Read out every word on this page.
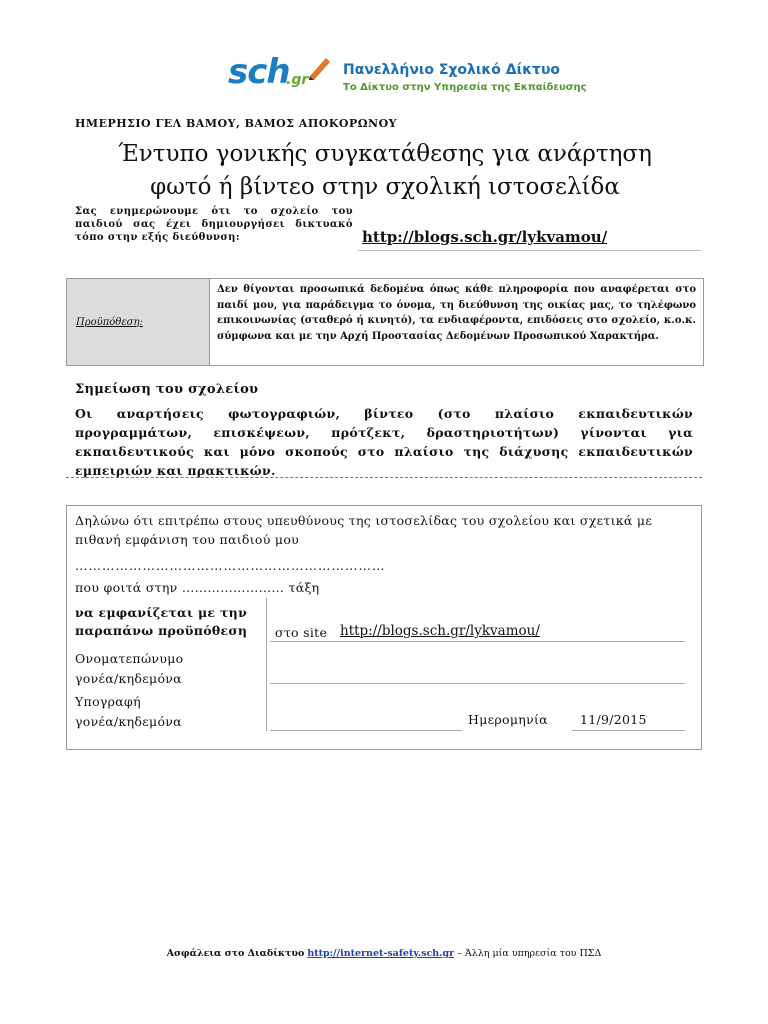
sch
.gr
Πανελλήνιο Σχολικό Δίκτυο
Το Δίκτυο στην Υπηρεσία της Εκπαίδευσης
ΗΜΕΡΗΣΙΟ ΓΕΛ ΒΑΜΟΥ, ΒΑΜΟΣ ΑΠΟΚΟΡΩΝΟΥ
Έντυπο γονικής συγκατάθεσης για ανάρτηση
φωτό ή βίντεο στην σχολική ιστοσελίδα
Σας ενημερώνουμε ότι το σχολείο του παιδιού σας έχει δημιουργήσει δικτυακό τόπο στην εξής διεύθυνση:	http://blogs.sch.gr/lykvamou/
Προϋπόθεση:
Δεν θίγονται προσωπικά δεδομένα όπως κάθε πληροφορία που αναφέρεται στο παιδί μου, για παράδειγμα το όνομα, τη διεύθυνση της οικίας μας, το τηλέφωνο επικοινωνίας (σταθερό ή κινητό), τα ενδιαφέροντα, επιδόσεις στο σχολείο, κ.ο.κ. σύμφωνα και με την Αρχή Προστασίας Δεδομένων Προσωπικού Χαρακτήρα.
Σημείωση του σχολείου
Οι αναρτήσεις φωτογραφιών, βίντεο (στο πλαίσιο εκπαιδευτικών προγραμμάτων, επισκέψεων, πρότζεκτ, δραστηριοτήτων) γίνονται για εκπαιδευτικούς και μόνο σκοπούς στο πλαίσιο της διάχυσης εκπαιδευτικών εμπειριών και πρακτικών.
Δηλώνω ότι επιτρέπω στους υπευθύνους της ιστοσελίδας του σχολείου και σχετικά με
πιθανή εμφάνιση του παιδιού μου
……………………………………………………………
που φοιτά στην …………………… τάξη
να εμφανίζεται με την
παραπάνω προϋπόθεση στο site http://blogs.sch.gr/lykvamou/
Ονοματεπώνυμο
γονέα/κηδεμόνα
Υπογραφή
γονέα/κηδεμόνα	Ημερομηνία	11/9/2015
Ασφάλεια στο Διαδίκτυο http://internet-safety.sch.gr – Άλλη μία υπηρεσία του ΠΣΔ
